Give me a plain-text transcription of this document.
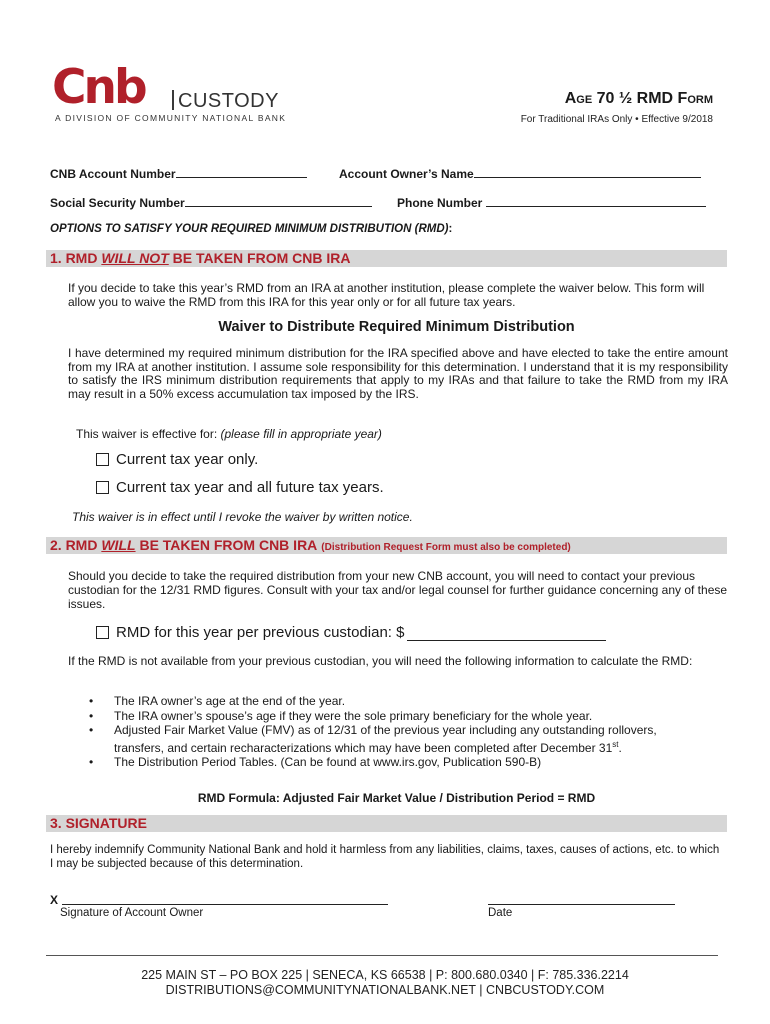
Cnb CUSTODY
A DIVISION OF COMMUNITY NATIONAL BANK
Age 70 ½ RMD Form
For Traditional IRAs Only • Effective 9/2018
CNB Account Number	Account Owner’s Name
Social Security Number	Phone Number
OPTIONS TO SATISFY YOUR REQUIRED MINIMUM DISTRIBUTION (RMD):
1. RMD WILL NOT BE TAKEN FROM CNB IRA
If you decide to take this year’s RMD from an IRA at another institution, please complete the waiver below. This form will allow you to waive the RMD from this IRA for this year only or for all future tax years.
Waiver to Distribute Required Minimum Distribution
I have determined my required minimum distribution for the IRA specified above and have elected to take the entire amount from my IRA at another institution. I assume sole responsibility for this determination. I understand that it is my responsibility to satisfy the IRS minimum distribution requirements that apply to my IRAs and that failure to take the RMD from my IRA may result in a 50% excess accumulation tax imposed by the IRS.
This waiver is effective for: (please fill in appropriate year)
Current tax year only.
Current tax year and all future tax years.
This waiver is in effect until I revoke the waiver by written notice.
2. RMD WILL BE TAKEN FROM CNB IRA (Distribution Request Form must also be completed)
Should you decide to take the required distribution from your new CNB account, you will need to contact your previous custodian for the 12/31 RMD figures. Consult with your tax and/or legal counsel for further guidance concerning any of these issues.
RMD for this year per previous custodian: $
If the RMD is not available from your previous custodian, you will need the following information to calculate the RMD:
• The IRA owner’s age at the end of the year.
• The IRA owner’s spouse’s age if they were the sole primary beneficiary for the whole year.
• Adjusted Fair Market Value (FMV) as of 12/31 of the previous year including any outstanding rollovers, transfers, and certain recharacterizations which may have been completed after December 31st.
• The Distribution Period Tables. (Can be found at www.irs.gov, Publication 590-B)
RMD Formula: Adjusted Fair Market Value / Distribution Period = RMD
3. SIGNATURE
I hereby indemnify Community National Bank and hold it harmless from any liabilities, claims, taxes, causes of actions, etc. to which I may be subjected because of this determination.
X
Signature of Account Owner	Date
225 MAIN ST – PO BOX 225 | SENECA, KS 66538 | P: 800.680.0340 | F: 785.336.2214
DISTRIBUTIONS@COMMUNITYNATIONALBANK.NET | CNBCUSTODY.COM
